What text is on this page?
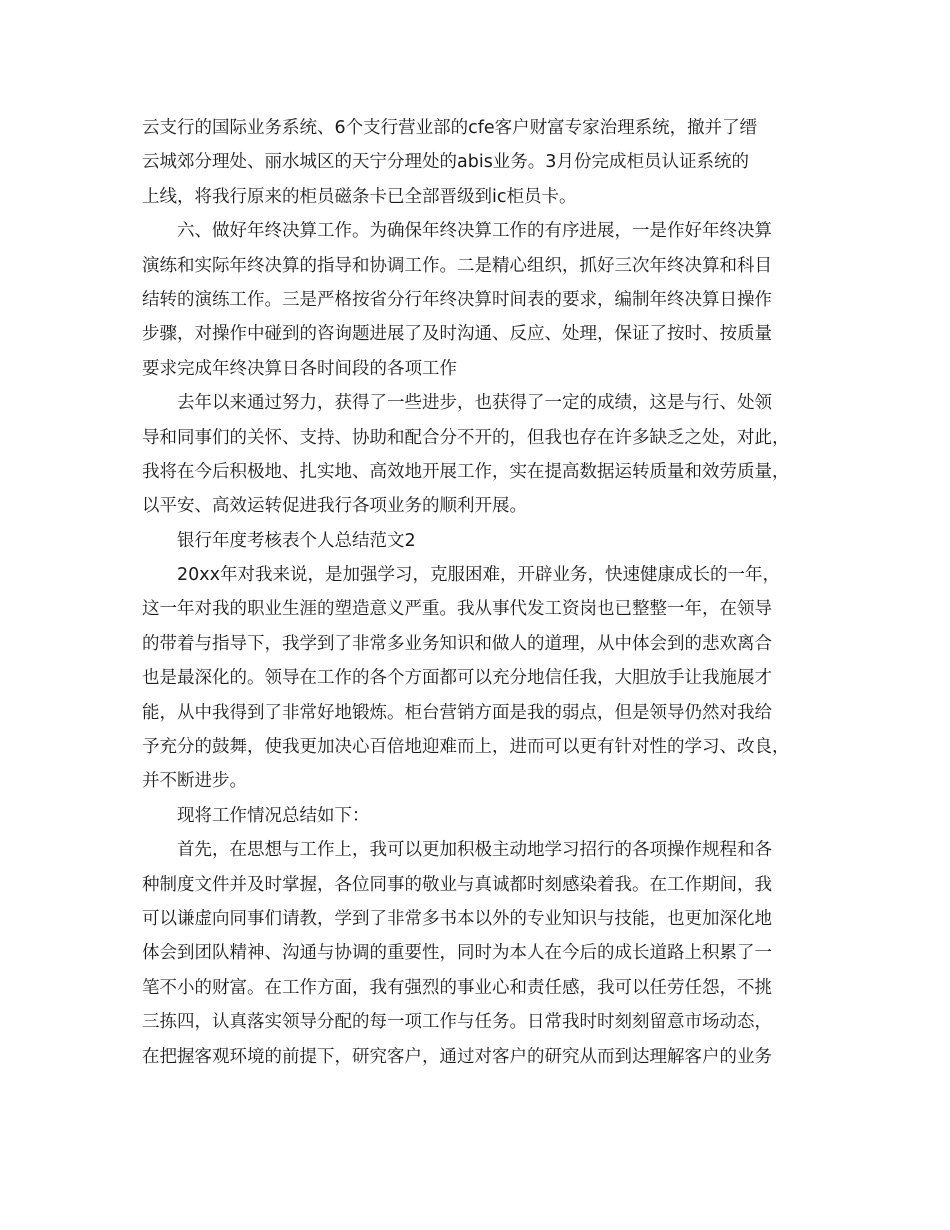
云支行的国际业务系统、6个支行营业部的cfe客户财富专家治理系统，撤并了缙
云城郊分理处、丽水城区的天宁分理处的abis业务。3月份完成柜员认证系统的
上线，将我行原来的柜员磁条卡已全部晋级到ic柜员卡。
六、做好年终决算工作。为确保年终决算工作的有序进展，一是作好年终决算
演练和实际年终决算的指导和协调工作。二是精心组织，抓好三次年终决算和科目
结转的演练工作。三是严格按省分行年终决算时间表的要求，编制年终决算日操作
步骤，对操作中碰到的咨询题进展了及时沟通、反应、处理，保证了按时、按质量
要求完成年终决算日各时间段的各项工作
去年以来通过努力，获得了一些进步，也获得了一定的成绩，这是与行、处领
导和同事们的关怀、支持、协助和配合分不开的，但我也存在许多缺乏之处，对此，
我将在今后积极地、扎实地、高效地开展工作，实在提高数据运转质量和效劳质量，
以平安、高效运转促进我行各项业务的顺利开展。
银行年度考核表个人总结范文2
20xx年对我来说，是加强学习，克服困难，开辟业务，快速健康成长的一年，
这一年对我的职业生涯的塑造意义严重。我从事代发工资岗也已整整一年，在领导
的带着与指导下，我学到了非常多业务知识和做人的道理，从中体会到的悲欢离合
也是最深化的。领导在工作的各个方面都可以充分地信任我，大胆放手让我施展才
能，从中我得到了非常好地锻炼。柜台营销方面是我的弱点，但是领导仍然对我给
予充分的鼓舞，使我更加决心百倍地迎难而上，进而可以更有针对性的学习、改良，
并不断进步。
现将工作情况总结如下：
首先，在思想与工作上，我可以更加积极主动地学习招行的各项操作规程和各
种制度文件并及时掌握，各位同事的敬业与真诚都时刻感染着我。在工作期间，我
可以谦虚向同事们请教，学到了非常多书本以外的专业知识与技能，也更加深化地
体会到团队精神、沟通与协调的重要性，同时为本人在今后的成长道路上积累了一
笔不小的财富。在工作方面，我有强烈的事业心和责任感，我可以任劳任怨，不挑
三拣四，认真落实领导分配的每一项工作与任务。日常我时时刻刻留意市场动态，
在把握客观环境的前提下，研究客户，通过对客户的研究从而到达理解客户的业务
